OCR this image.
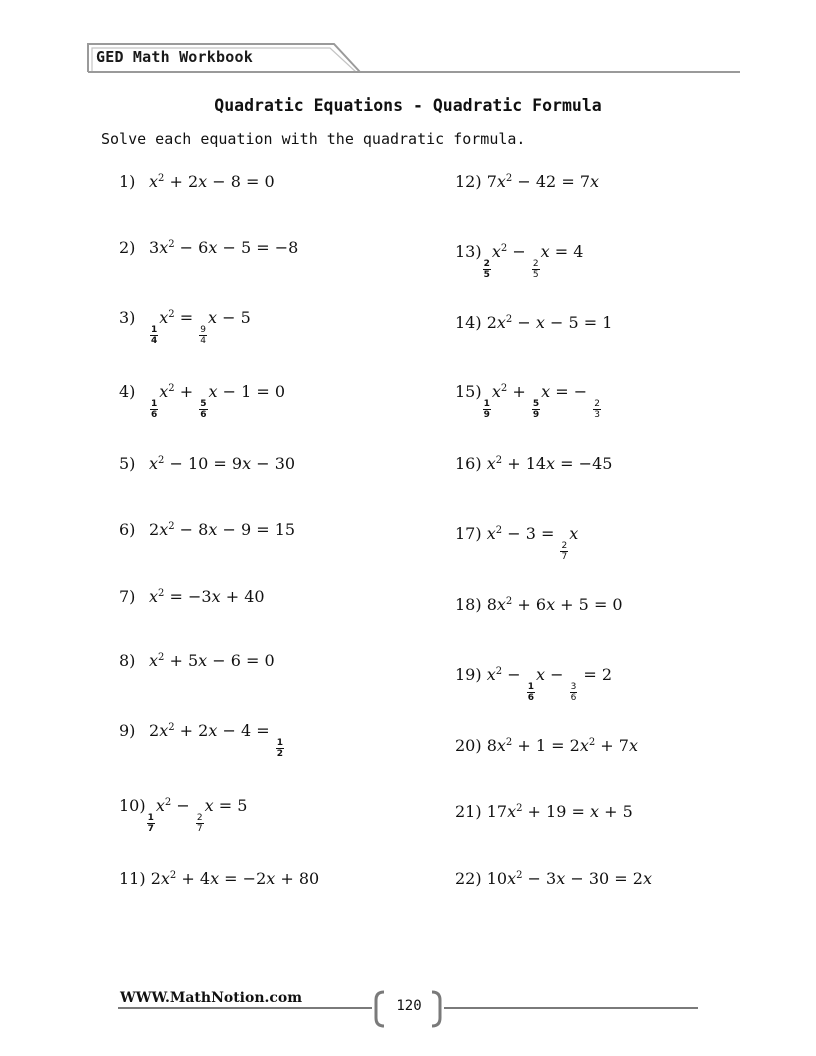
GED Math Workbook
Quadratic Equations - Quadratic Formula
Solve each equation with the quadratic formula.
1) $x^2 + 2x - 8 = 0$
2) $3x^2 - 6x - 5 = -8$
3)
$\frac{1}{4}$
$x^2$ =
$\frac{9}{4}$
x − 5
4)
$\frac{1}{6}$
$x^2$ +
$\frac{5}{6}$
x − 1 = 0
5) $x^2 - 10 = 9x - 30$
6) $2x^2 - 8x - 9 = 15$
7) $x^2 = -3x + 40$
8) $x^2 + 5x - 6 = 0$
9) $2x^2 + 2x - 4$ =
$\frac{1}{2}$
10)
$\frac{1}{7}$
$x^2$ −
$\frac{2}{7}$
x = 5
11) $2x^2 + 4x = -2x + 80$
12) $7x^2 - 42 = 7x$
13)
$\frac{2}{5}$
$x^2$ −
$\frac{2}{5}$
x = 4
14) $2x^2 - x - 5 = 1$
15)
$\frac{1}{9}$
$x^2$ +
$\frac{5}{9}$
x = −
$\frac{2}{3}$
16) $x^2 + 14x = -45$
17) $x^2 - 3$ =
$\frac{2}{7}$
x
18) $8x^2 + 6x + 5 = 0$
19) $x^2$ −
$\frac{1}{6}$
x −
$\frac{3}{6}$
= 2
20) $8x^2 + 1 = 2x^2 + 7x$
21) $17x^2 + 19 = x + 5$
22) $10x^2 - 3x - 30 = 2x$
WWW.MathNotion.com	120
